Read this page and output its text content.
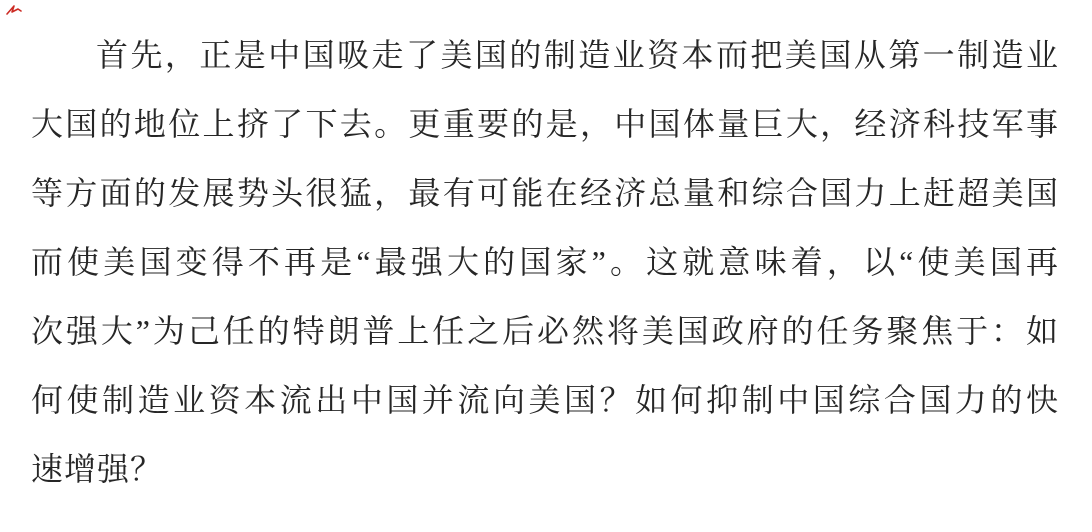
首先，正是中国吸走了美国的制造业资本而把美国从第一制造业
大国的地位上挤了下去。更重要的是，中国体量巨大，经济科技军事
等方面的发展势头很猛，最有可能在经济总量和综合国力上赶超美国
而使美国变得不再是“最强大的国家”。这就意味着，以“使美国再
次强大”为己任的特朗普上任之后必然将美国政府的任务聚焦于：如
何使制造业资本流出中国并流向美国？如何抑制中国综合国力的快
速增强？
